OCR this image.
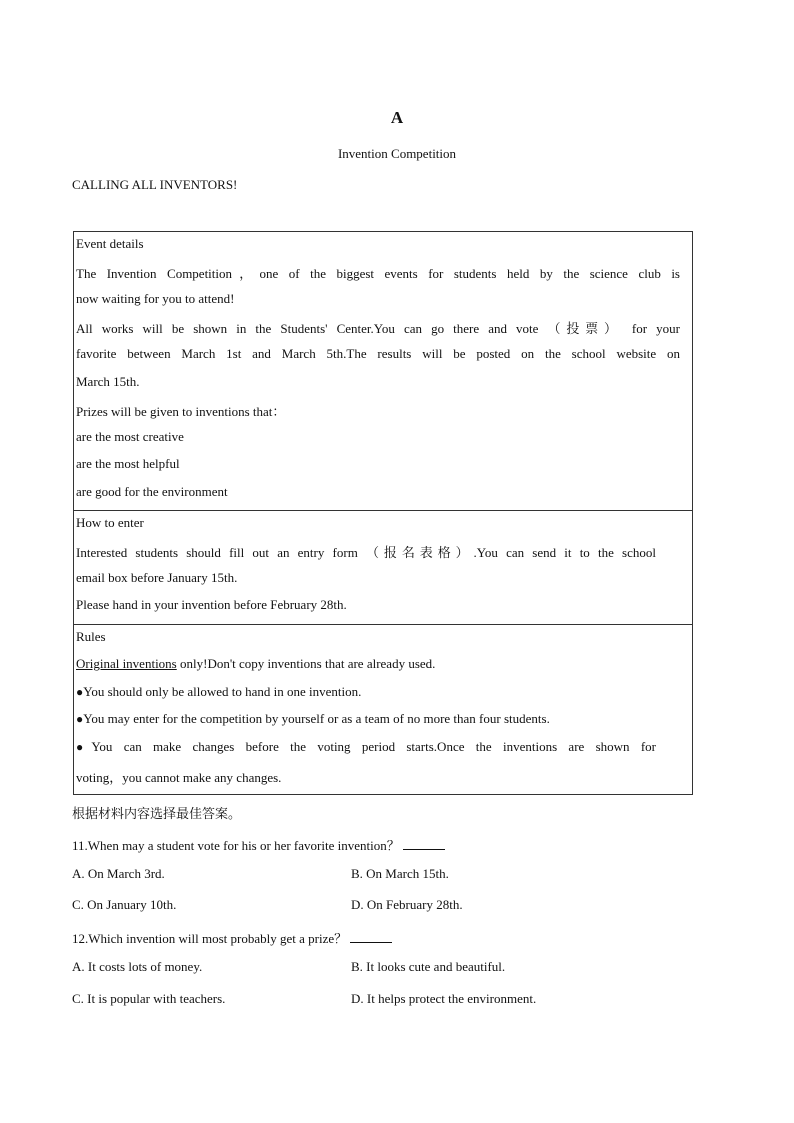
A
Invention Competition
CALLING ALL INVENTORS!
Event details
The Invention Competition，one of the biggest events for students held by the science club is
now waiting for you to attend!
All works will be shown in the Students' Center.You can go there and vote （投票） for your
favorite between March 1st and March 5th.The results will be posted on the school website on
March 15th.
Prizes will be given to inventions that：
are the most creative
are the most helpful
are good for the environment
How to enter
Interested students should fill out an entry form （报名表格）.You can send it to the school
email box before January 15th.
Please hand in your invention before February 28th.
Rules
Original inventions only!Don't copy inventions that are already used.
●You should only be allowed to hand in one invention.
●You may enter for the competition by yourself or as a team of no more than four students.
●You can make changes before the voting period starts.Once the inventions are shown for
voting，you cannot make any changes.
根据材料内容选择最佳答案。
11.When may a student vote for his or her favorite invention？
A. On March 3rd.	B. On March 15th.
C. On January 10th.	D. On February 28th.
12.Which invention will most probably get a prize？
A. It costs lots of money.	B. It looks cute and beautiful.
C. It is popular with teachers.	D. It helps protect the environment.
